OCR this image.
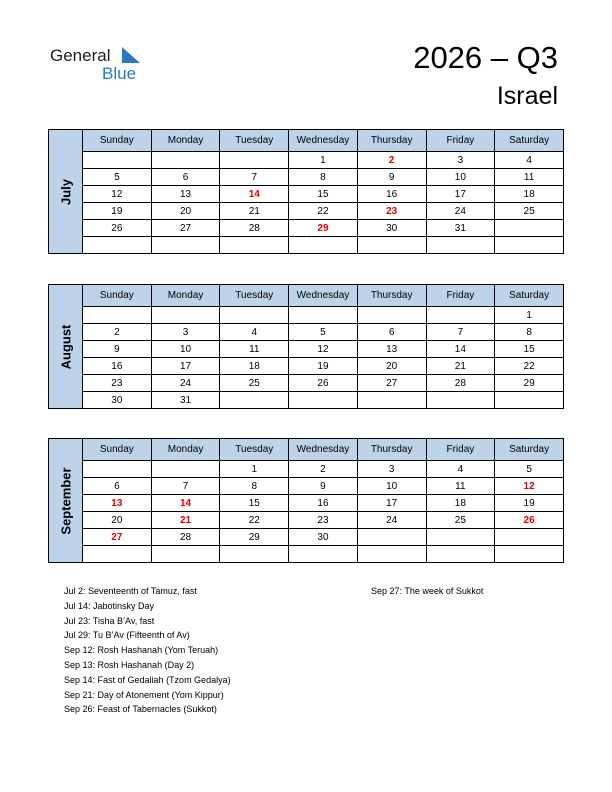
General
Blue	2026 – Q3
Israel
July	Sunday	Monday	Tuesday	Wednesday	Thursday	Friday	Saturday
				1	2	3	4
	5	6	7	8	9	10	11
	12	13	14	15	16	17	18
	19	20	21	22	23	24	25
	26	27	28	29	30	31	

August	Sunday	Monday	Tuesday	Wednesday	Thursday	Friday	Saturday
							1
	2	3	4	5	6	7	8
	9	10	11	12	13	14	15
	16	17	18	19	20	21	22
	23	24	25	26	27	28	29
	30	31					
September	Sunday	Monday	Tuesday	Wednesday	Thursday	Friday	Saturday
			1	2	3	4	5
	6	7	8	9	10	11	12
	13	14	15	16	17	18	19
	20	21	22	23	24	25	26
	27	28	29	30			

Jul 2: Seventeenth of Tamuz, fast
Jul 14: Jabotinsky Day
Jul 23: Tisha B’Av, fast
Jul 29: Tu B’Av (Fifteenth of Av)
Sep 12: Rosh Hashanah (Yom Teruah)
Sep 13: Rosh Hashanah (Day 2)
Sep 14: Fast of Gedaliah (Tzom Gedalya)
Sep 21: Day of Atonement (Yom Kippur)
Sep 26: Feast of Tabernacles (Sukkot)
Sep 27: The week of Sukkot
